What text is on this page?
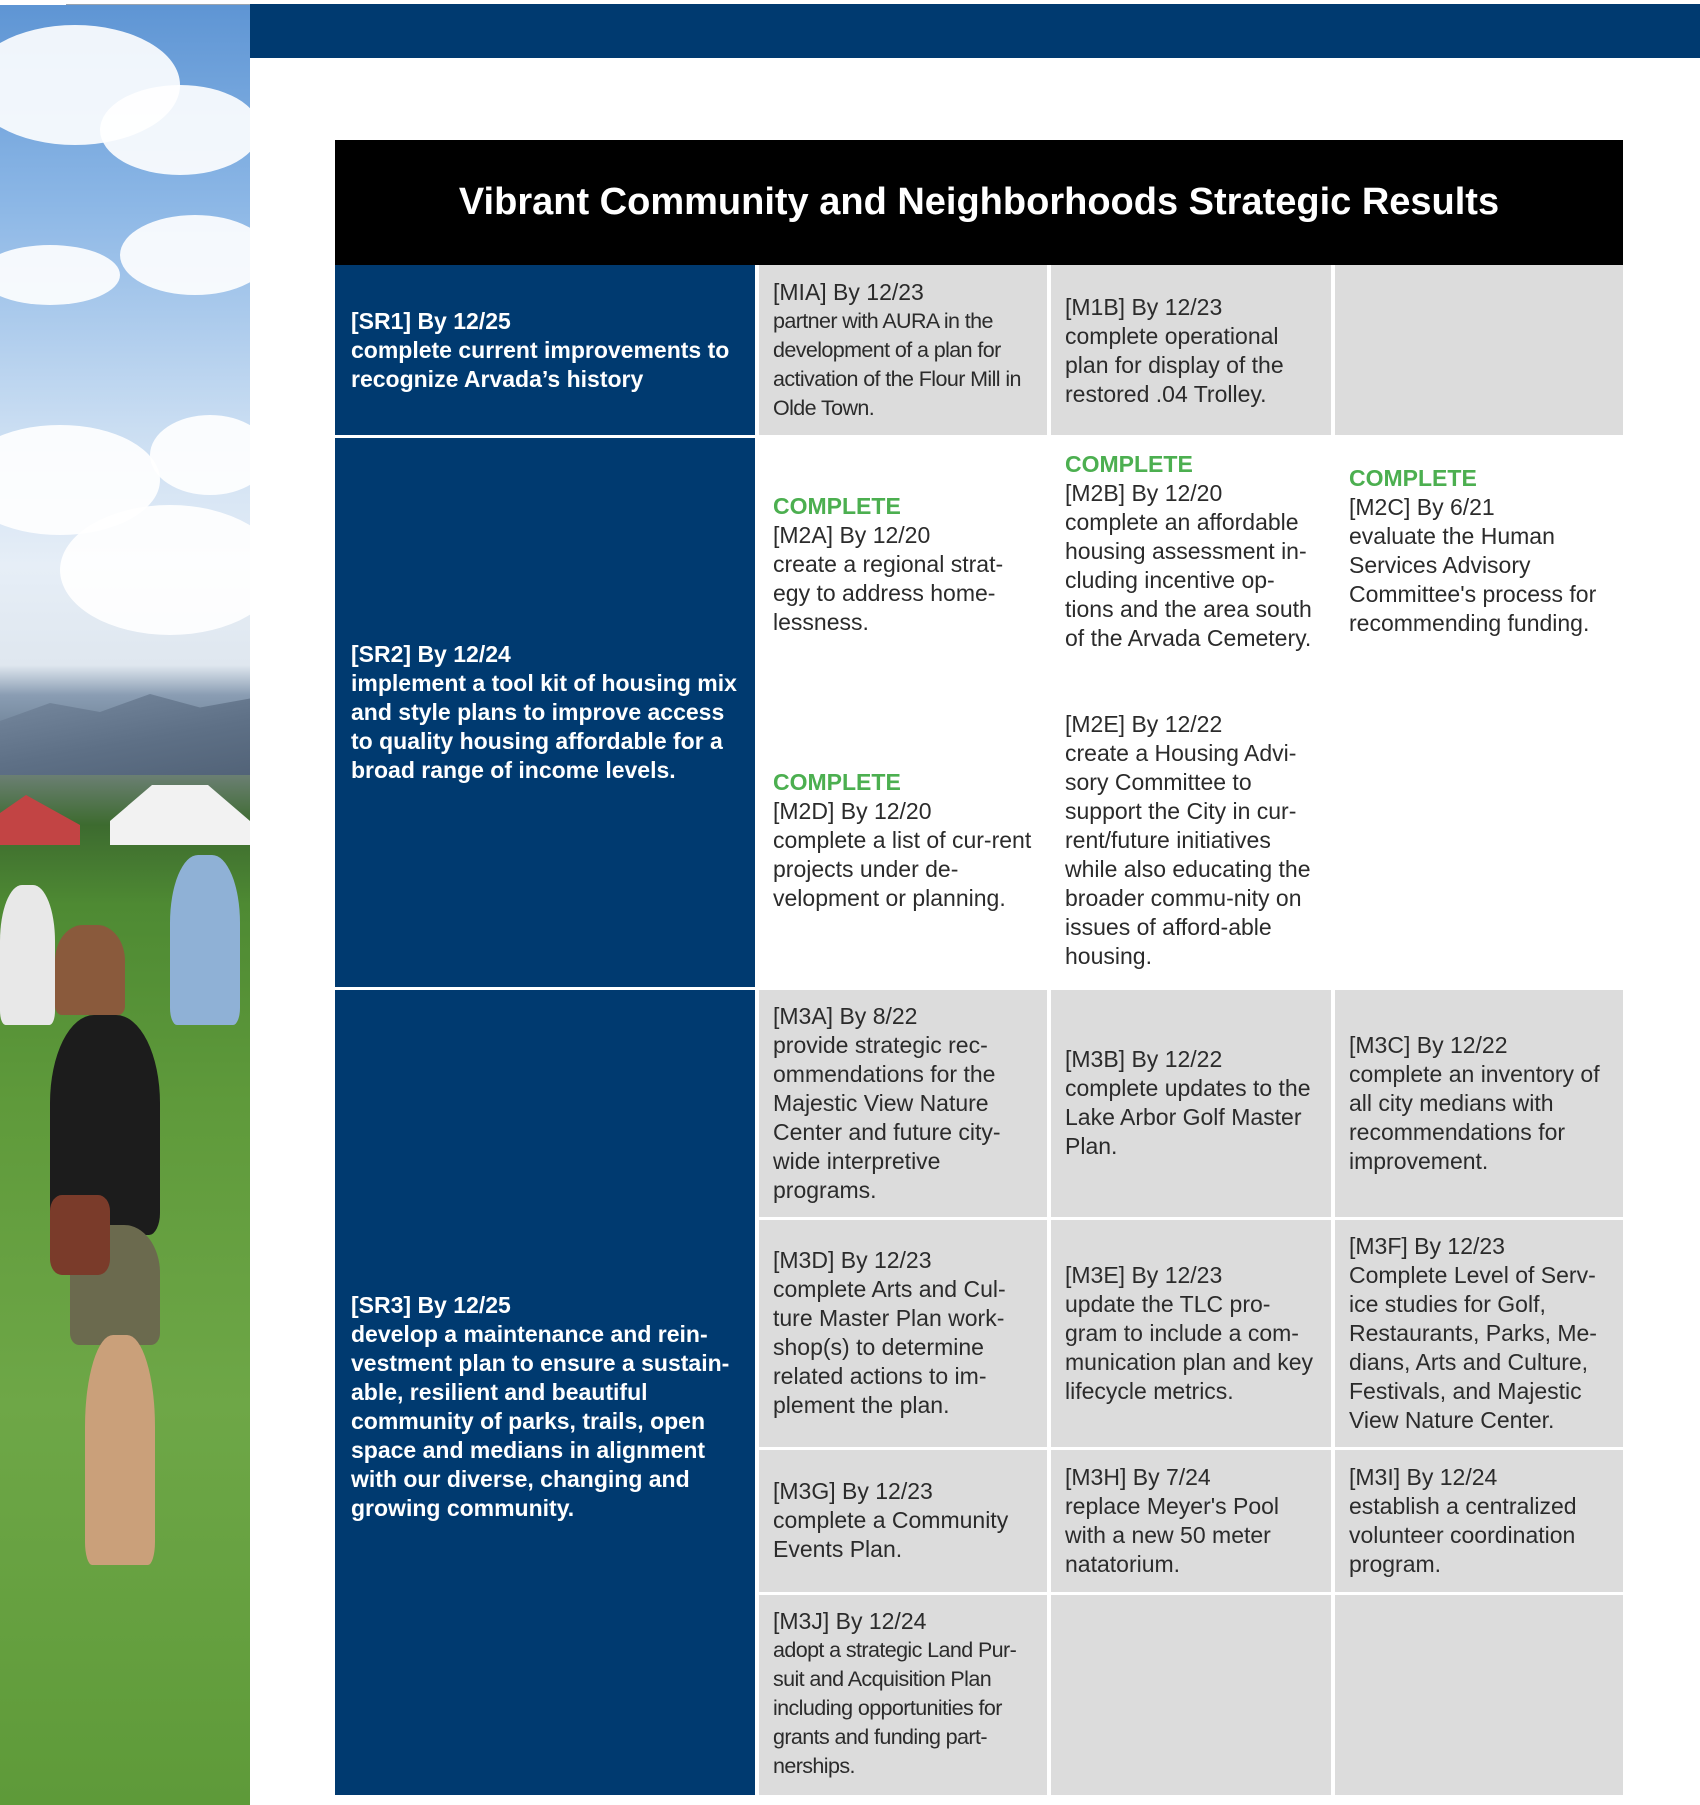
Vibrant Community and Neighborhoods Strategic Results
[SR1] By 12/25
complete current improvements to recognize Arvada’s history
[MIA] By 12/23
partner with AURA in the development of a plan for activation of the Flour Mill in Olde Town.
[M1B] By 12/23
complete operational plan for display of the restored .04 Trolley.
[SR2] By 12/24
implement a tool kit of housing mix and style plans to improve access to quality housing affordable for a broad range of income levels.
COMPLETE
[M2A] By 12/20
create a regional strat-egy to address home-lessness.
COMPLETE
[M2D] By 12/20
complete a list of cur-rent projects under de-velopment or planning.
COMPLETE
[M2B] By 12/20
complete an affordable housing assessment in-cluding incentive op-tions and the area south of the Arvada Cemetery.
[M2E] By 12/22
create a Housing Advi-sory Committee to support the City in cur-rent/future initiatives while also educating the broader commu-nity on issues of afford-able housing.
COMPLETE
[M2C] By 6/21
evaluate the Human Services Advisory Committee's process for recommending funding.
[SR3] By 12/25
develop a maintenance and rein-vestment plan to ensure a sustain-able, resilient and beautiful community of parks, trails, open space and medians in alignment with our diverse, changing and growing community.
[M3A] By 8/22
provide strategic rec-ommendations for the Majestic View Nature Center and future city-wide interpretive programs.
[M3B] By 12/22
complete updates to the Lake Arbor Golf Master Plan.
[M3C] By 12/22
complete an inventory of all city medians with recommendations for improvement.
[M3D] By 12/23
complete Arts and Cul-ture Master Plan work-shop(s) to determine related actions to im-plement the plan.
[M3E] By 12/23
update the TLC pro-gram to include a com-munication plan and key lifecycle metrics.
[M3F] By 12/23
Complete Level of Serv-ice studies for Golf, Restaurants, Parks, Me-dians, Arts and Culture, Festivals, and Majestic View Nature Center.
[M3G] By 12/23
complete a Community Events Plan.
[M3H] By 7/24
replace Meyer's Pool with a new 50 meter natatorium.
[M3I] By 12/24
establish a centralized volunteer coordination program.
[M3J] By 12/24
adopt a strategic Land Pur-suit and Acquisition Plan including opportunities for grants and funding part-nerships.
